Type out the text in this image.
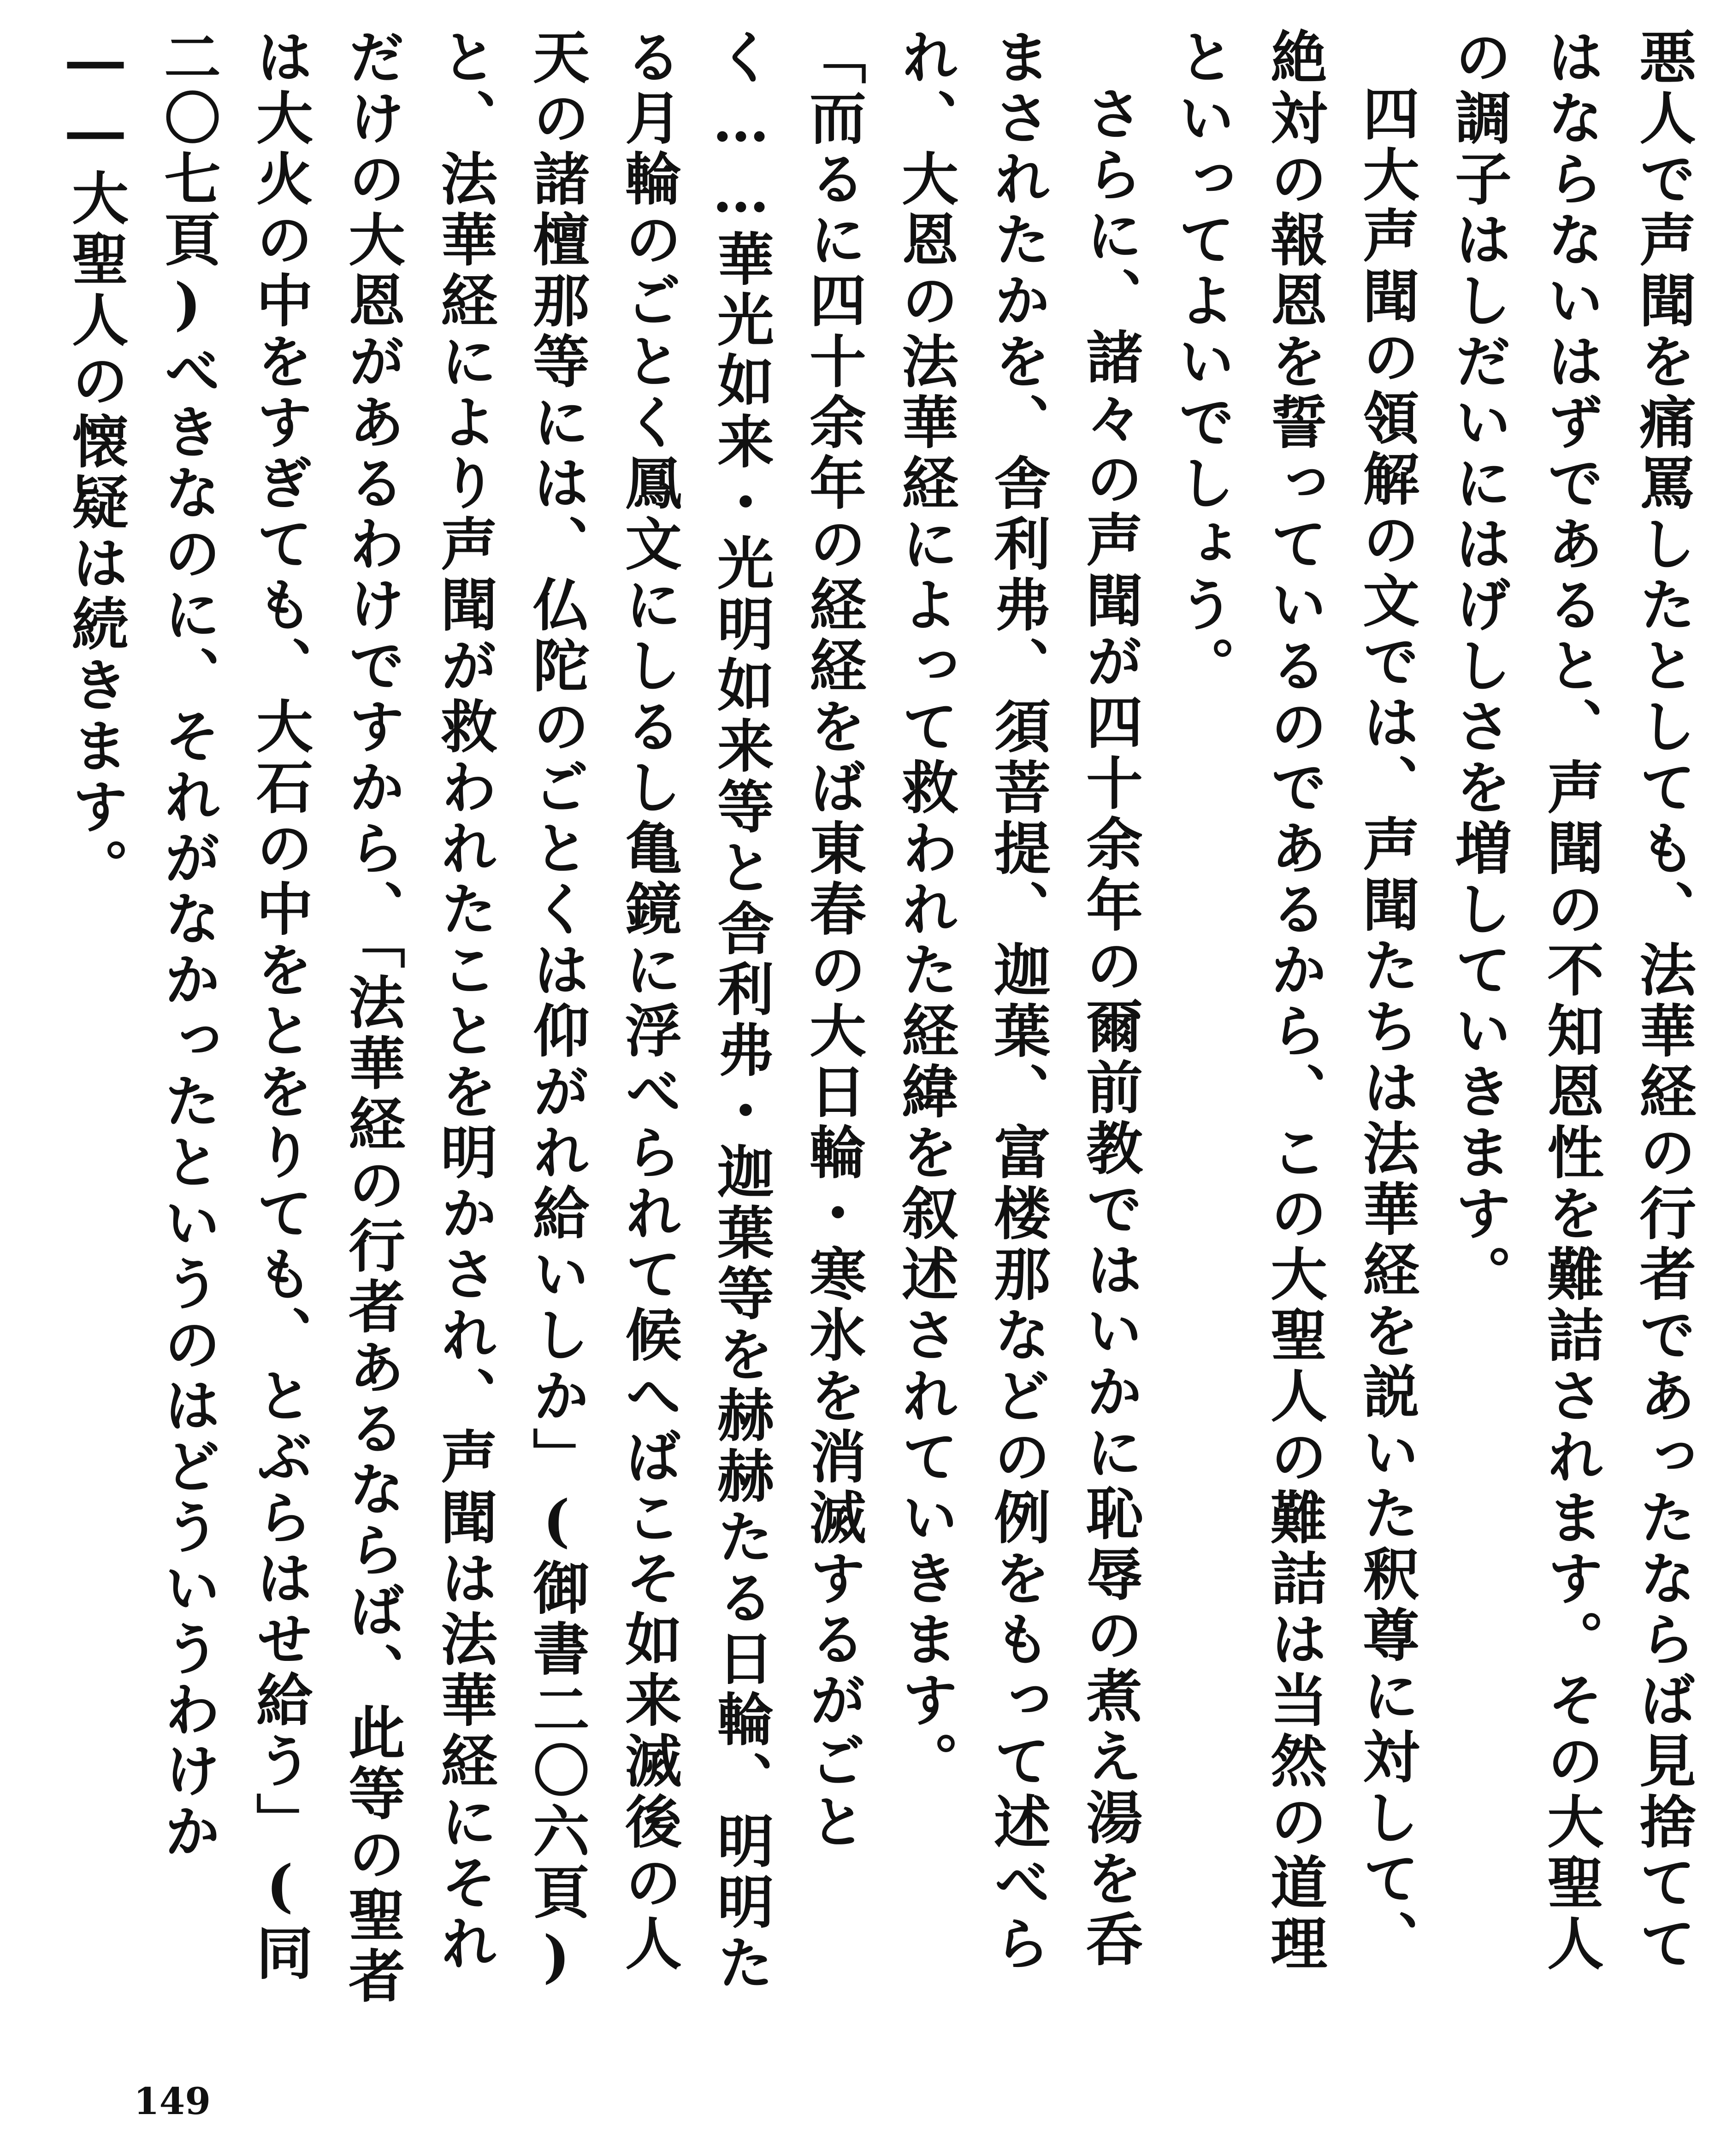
悪人で声聞を痛罵したとしても、法華経の行者であったならば見捨ててはならないはずであると、声聞の不知恩性を難詰されます。その大聖人の調子はしだいにはげしさを増していきます。

四大声聞の領解の文では、声聞たちは法華経を説いた釈尊に対して、絶対の報恩を誓っているのであるから、この大聖人の難詰は当然の道理といってよいでしょう。

さらに、諸々の声聞が四十余年の爾前教ではいかに恥辱の煮え湯を呑まされたかを、舎利弗、須菩提、迦葉、富楼那などの例をもって述べられ、大恩の法華経によって救われた経緯を叙述されていきます。

「而るに四十余年の経経をば東春の大日輪・寒氷を消滅するがごとく……華光如来・光明如来等と舎利弗・迦葉等を赫赫たる日輪、明明たる月輪のごとく鳳文にしるし亀鏡に浮べられて候へばこそ如来滅後の人天の諸檀那等には、仏陀のごとくは仰がれ給いしか」(御書二〇六頁)と、法華経により声聞が救われたことを明かされ、声聞は法華経にそれだけの大恩があるわけですから、「法華経の行者あるならば、此等の聖者は大火の中をすぎても、大石の中をとをりても、とぶらはせ給う」(同二〇七頁)べきなのに、それがなかったというのはどういうわけか

――大聖人の懐疑は続きます。

149
